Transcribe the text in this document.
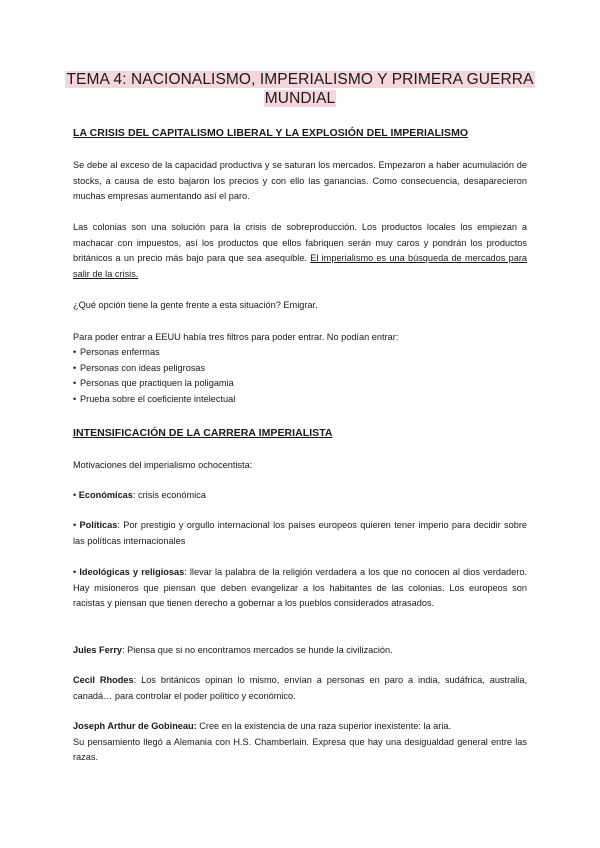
TEMA 4: NACIONALISMO, IMPERIALISMO Y PRIMERA GUERRA
MUNDIAL
LA CRISIS DEL CAPITALISMO LIBERAL Y LA EXPLOSIÓN DEL IMPERIALISMO
Se debe al exceso de la capacidad productiva y se saturan los mercados. Empezaron a haber acumulación de stocks, a causa de esto bajaron los precios y con ello las ganancias. Como consecuencia, desaparecieron muchas empresas aumentando así el paro.
Las colonias son una solución para la crisis de sobreproducción. Los productos locales los empiezan a machacar con impuestos, así los productos que ellos fabriquen serán muy caros y pondrán los productos británicos a un precio más bajo para que sea asequible. El imperialismo es una búsqueda de mercados para salir de la crisis.
¿Qué opción tiene la gente frente a esta situación? Emigrar.
Para poder entrar a EEUU había tres filtros para poder entrar. No podían entrar:
• Personas enfermas
• Personas con ideas peligrosas
• Personas que practiquen la poligamia
• Prueba sobre el coeficiente intelectual
INTENSIFICACIÓN DE LA CARRERA IMPERIALISTA
Motivaciones del imperialismo ochocentista:
• Económicas: crisis económica
• Políticas: Por prestigio y orgullo internacional los países europeos quieren tener imperio para decidir sobre las políticas internacionales
• Ideológicas y religiosas: llevar la palabra de la religión verdadera a los que no conocen al dios verdadero. Hay misioneros que piensan que deben evangelizar a los habitantes de las colonias. Los europeos son racistas y piensan que tienen derecho a gobernar a los pueblos considerados atrasados.
Jules Ferry: Piensa que si no encontramos mercados se hunde la civilización.
Cecil Rhodes: Los británicos opinan lo mismo, envían a personas en paro a india, sudáfrica, australia, canadá… para controlar el poder político y económico.
Joseph Arthur de Gobineau: Cree en la existencia de una raza superior inexistente: la aria.
Su pensamiento llegó a Alemania con H.S. Chamberlain. Expresa que hay una desigualdad general entre las razas.
